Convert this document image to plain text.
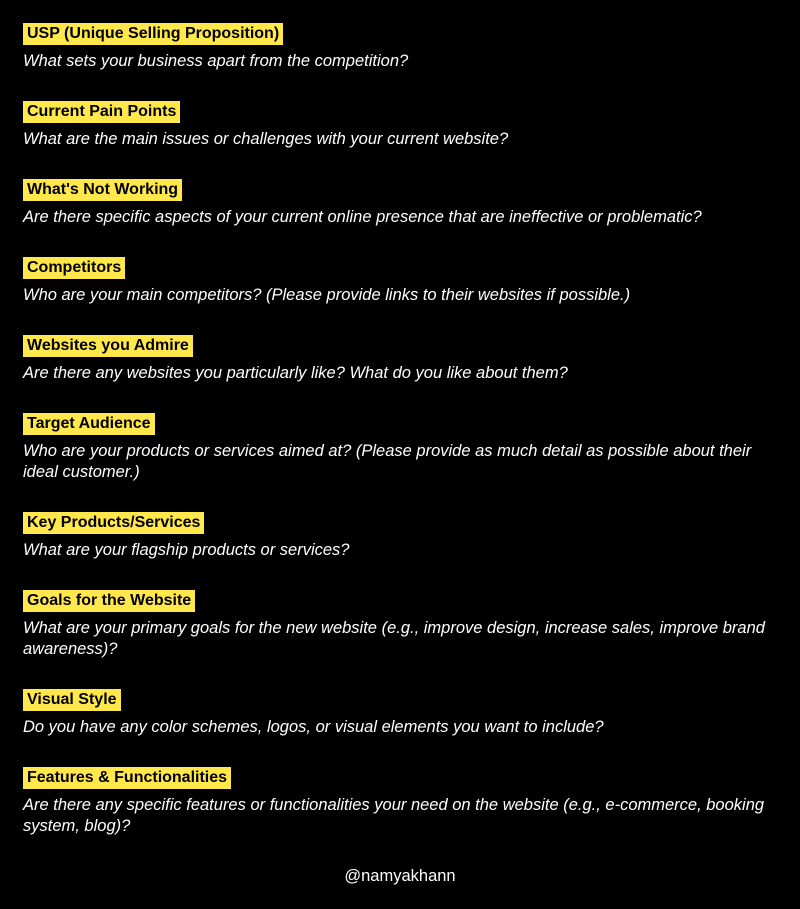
USP (Unique Selling Proposition)
What sets your business apart from the competition?
Current Pain Points
What are the main issues or challenges with your current website?
What's Not Working
Are there specific aspects of your current online presence that are ineffective or problematic?
Competitors
Who are your main competitors? (Please provide links to their websites if possible.)
Websites you Admire
Are there any websites you particularly like? What do you like about them?
Target Audience
Who are your products or services aimed at? (Please provide as much detail as possible about their ideal customer.)
Key Products/Services
What are your flagship products or services?
Goals for the Website
What are your primary goals for the new website (e.g., improve design, increase sales, improve brand awareness)?
Visual Style
Do you have any color schemes, logos, or visual elements you want to include?
Features & Functionalities
Are there any specific features or functionalities your need on the website (e.g., e-commerce, booking system, blog)?
@namyakhann
